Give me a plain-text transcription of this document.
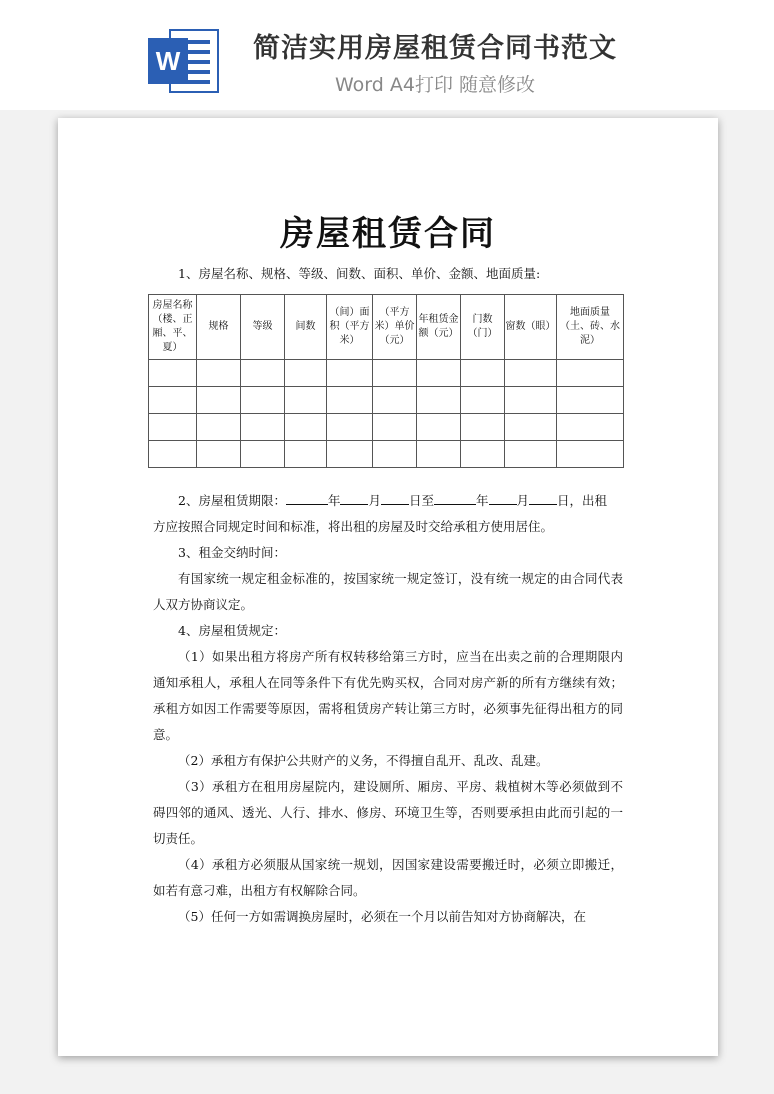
W	简洁实用房屋租赁合同书范文
Word A4打印 随意修改
房屋租赁合同
1、房屋名称、规格、等级、间数、面积、单价、金额、地面质量:
房屋名称（楼、正厢、平、夏）	规格	等级	间数	（间）面积（平方米）	（平方米）单价（元）	年租赁金额（元）	门数（门）	窗数（眼）	地面质量（土、砖、水泥）

2、房屋租赁期限：	年 月 日至	年 月 日，出租

方应按照合同规定时间和标准，将出租的房屋及时交给承租方使用居住。

3、租金交纳时间：

有国家统一规定租金标准的，按国家统一规定签订，没有统一规定的由合同代表人双方协商议定。

4、房屋租赁规定：

（1）如果出租方将房产所有权转移给第三方时，应当在出卖之前的合理期限内通知承租人，承租人在同等条件下有优先购买权，合同对房产新的所有方继续有效；承租方如因工作需要等原因，需将租赁房产转让第三方时，必须事先征得出租方的同意。

（2）承租方有保护公共财产的义务，不得擅自乱开、乱改、乱建。

（3）承租方在租用房屋院内，建设厕所、厢房、平房、栽植树木等必须做到不碍四邻的通风、透光、人行、排水、修房、环境卫生等，否则要承担由此而引起的一切责任。

（4）承租方必须服从国家统一规划，因国家建设需要搬迁时，必须立即搬迁，如若有意刁难，出租方有权解除合同。

（5）任何一方如需调换房屋时，必须在一个月以前告知对方协商解决，在
